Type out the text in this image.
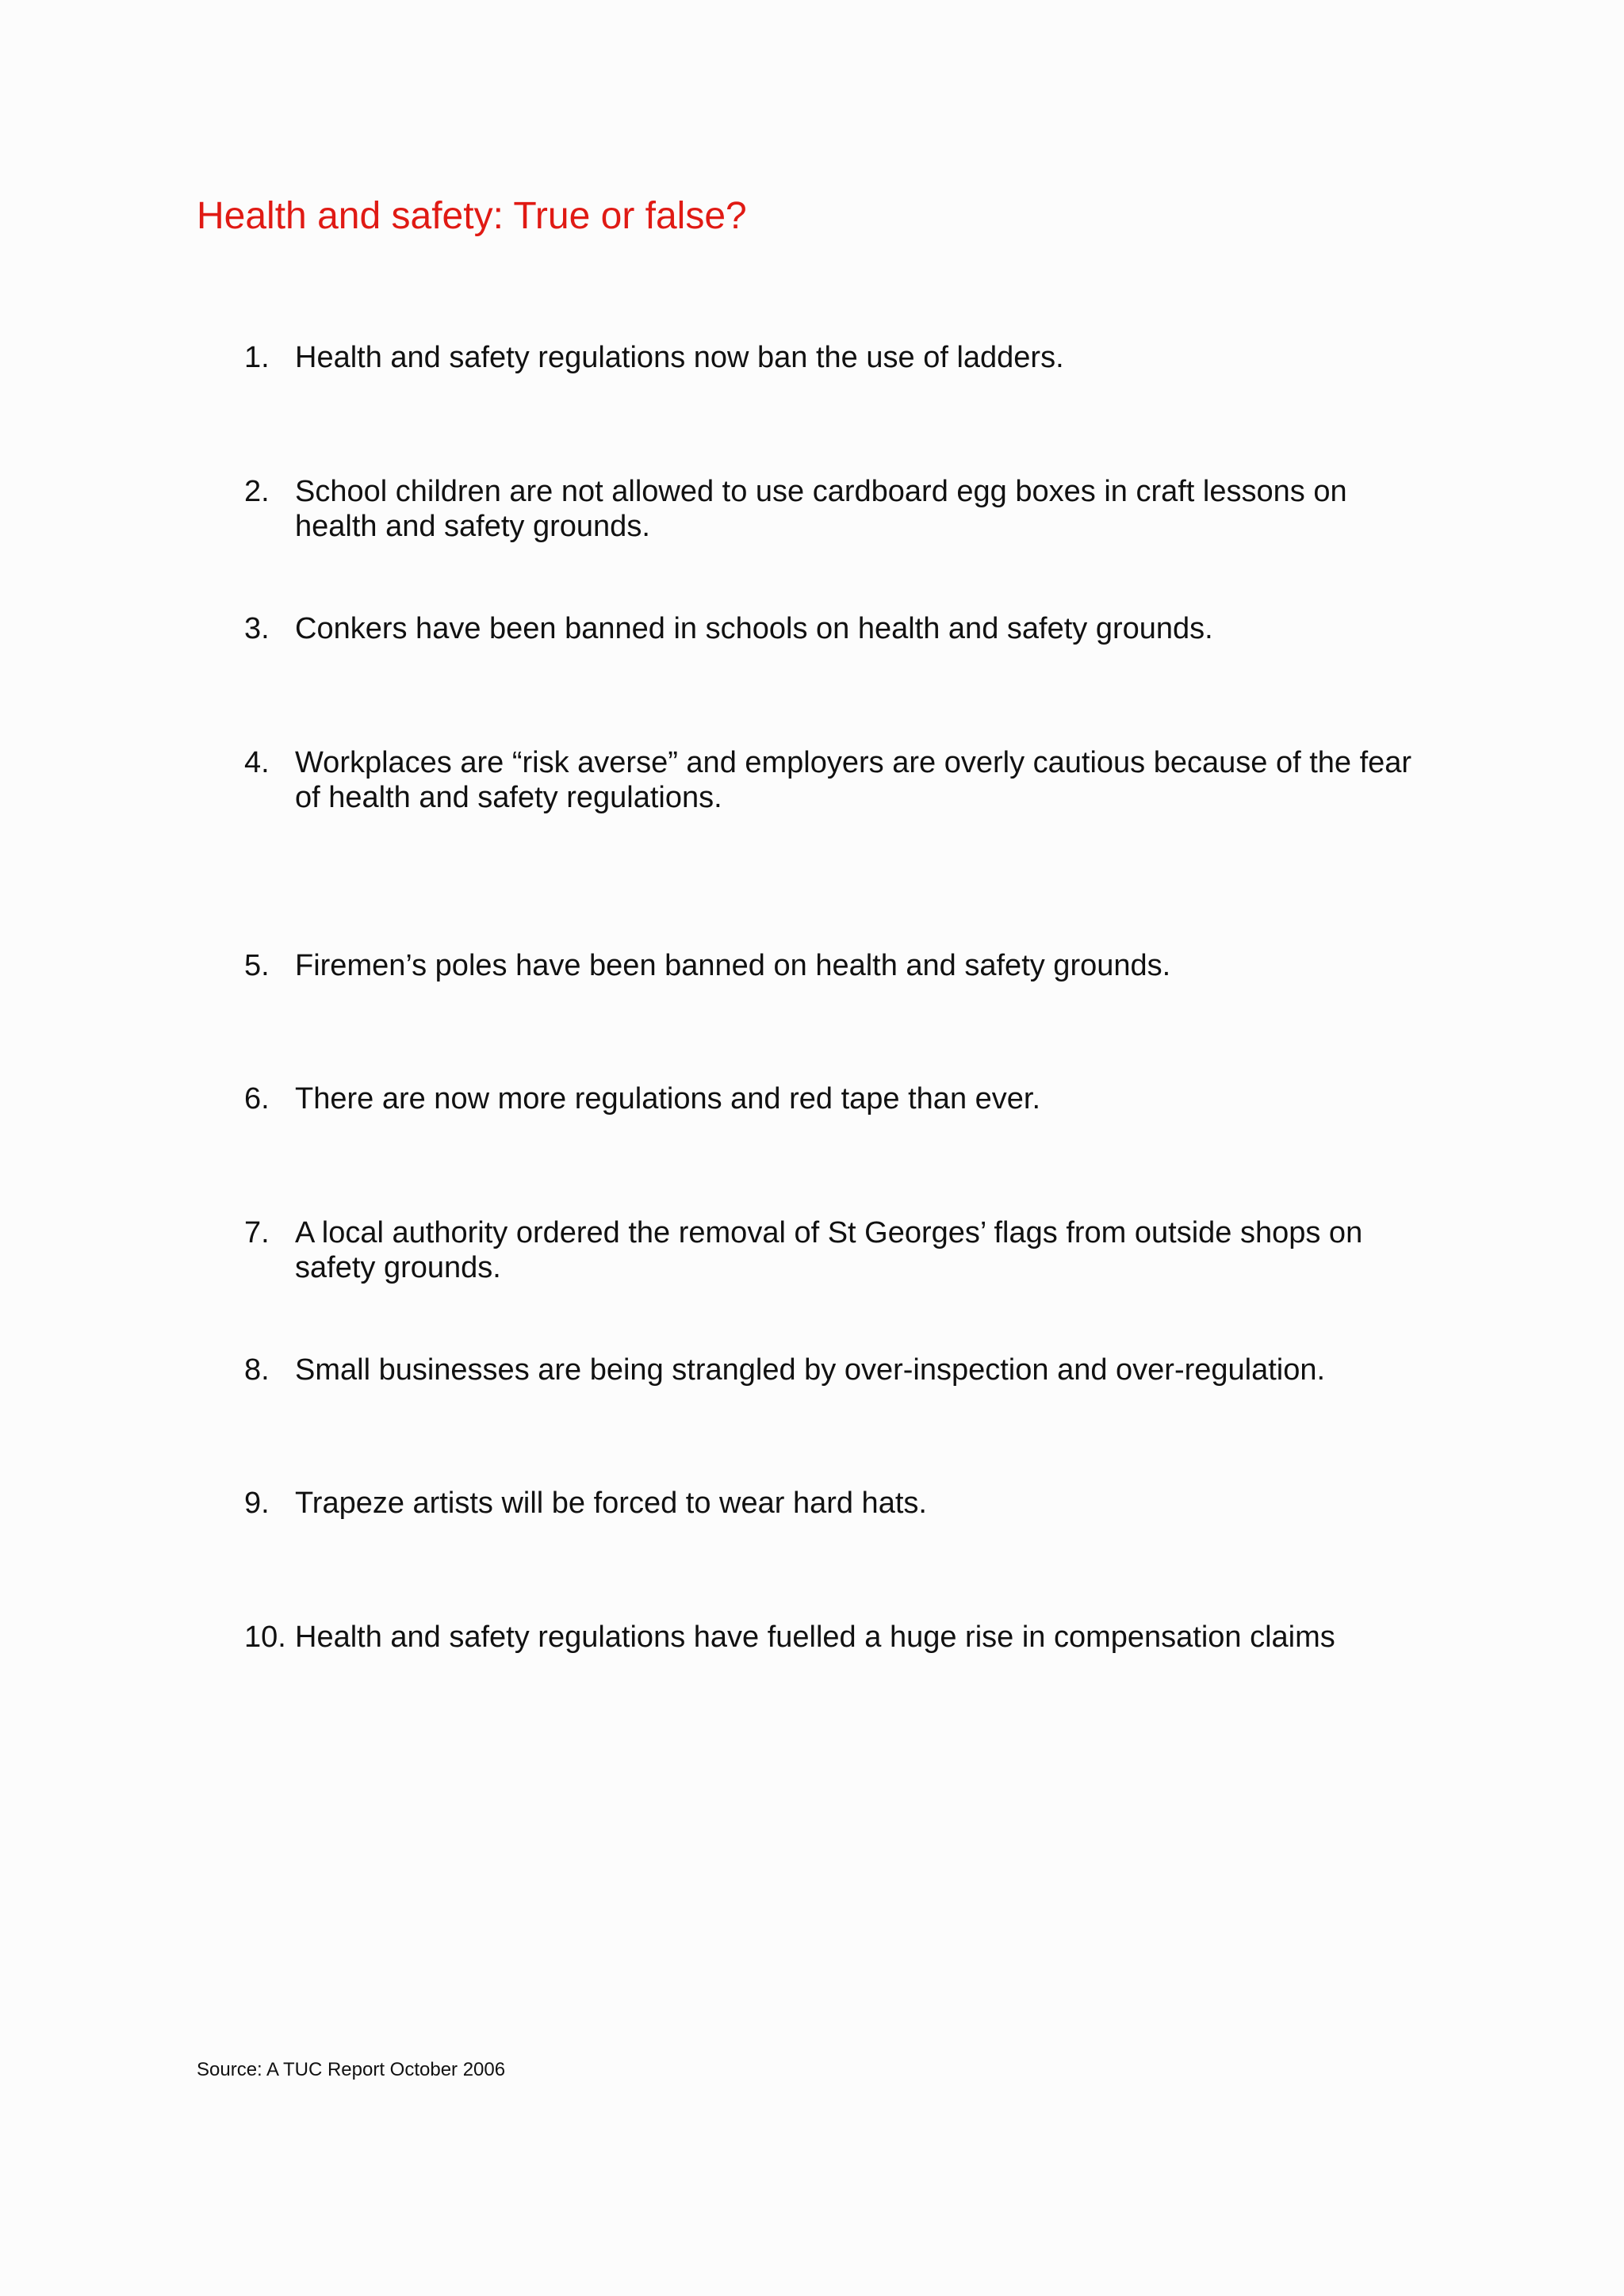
Health and safety: True or false?
1. Health and safety regulations now ban the use of ladders.
2. School children are not allowed to use cardboard egg boxes in craft lessons on health and safety grounds.
3. Conkers have been banned in schools on health and safety grounds.
4. Workplaces are “risk averse” and employers are overly cautious because of the fear of health and safety regulations.
5. Firemen’s poles have been banned on health and safety grounds.
6. There are now more regulations and red tape than ever.
7. A local authority ordered the removal of St Georges’ flags from outside shops on safety grounds.
8. Small businesses are being strangled by over-inspection and over-regulation.
9. Trapeze artists will be forced to wear hard hats.
10. Health and safety regulations have fuelled a huge rise in compensation claims
Source: A TUC Report October 2006
